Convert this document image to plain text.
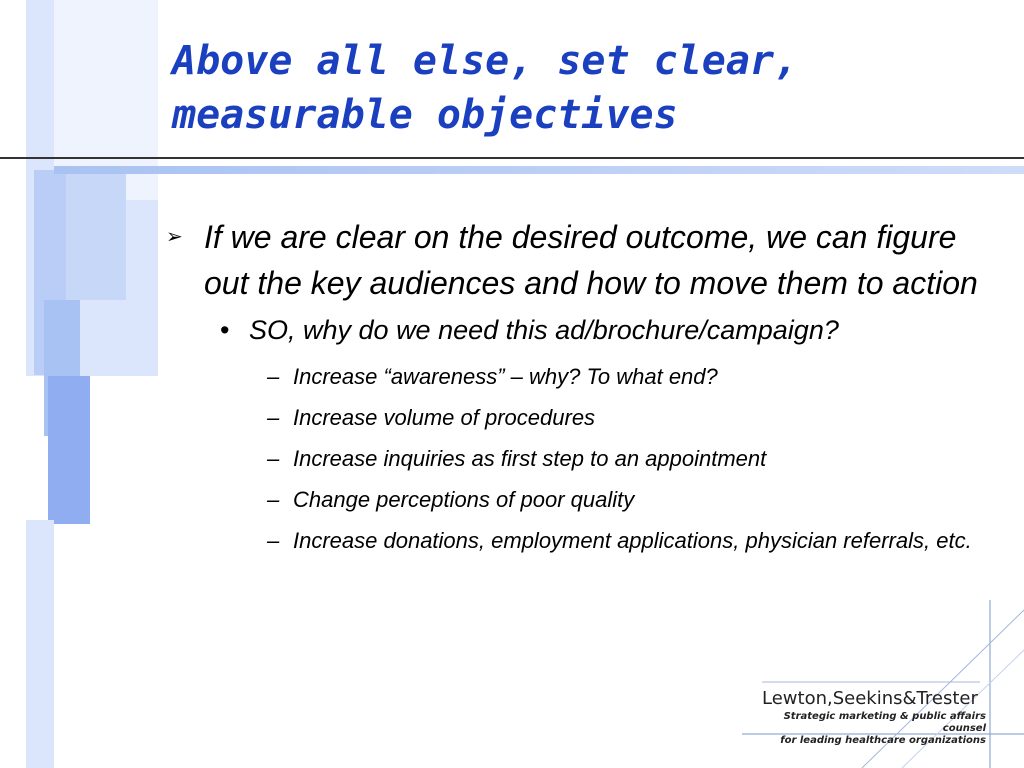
Above all else, set clear,
measurable objectives
➢ If we are clear on the desired outcome, we can figure out the key audiences and how to move them to action
• SO, why do we need this ad/brochure/campaign?
– Increase “awareness” – why? To what end?
– Increase volume of procedures
– Increase inquiries as first step to an appointment
– Change perceptions of poor quality
– Increase donations, employment applications, physician referrals, etc.
Lewton,Seekins&Trester
Strategic marketing & public affairs counsel
for leading healthcare organizations
